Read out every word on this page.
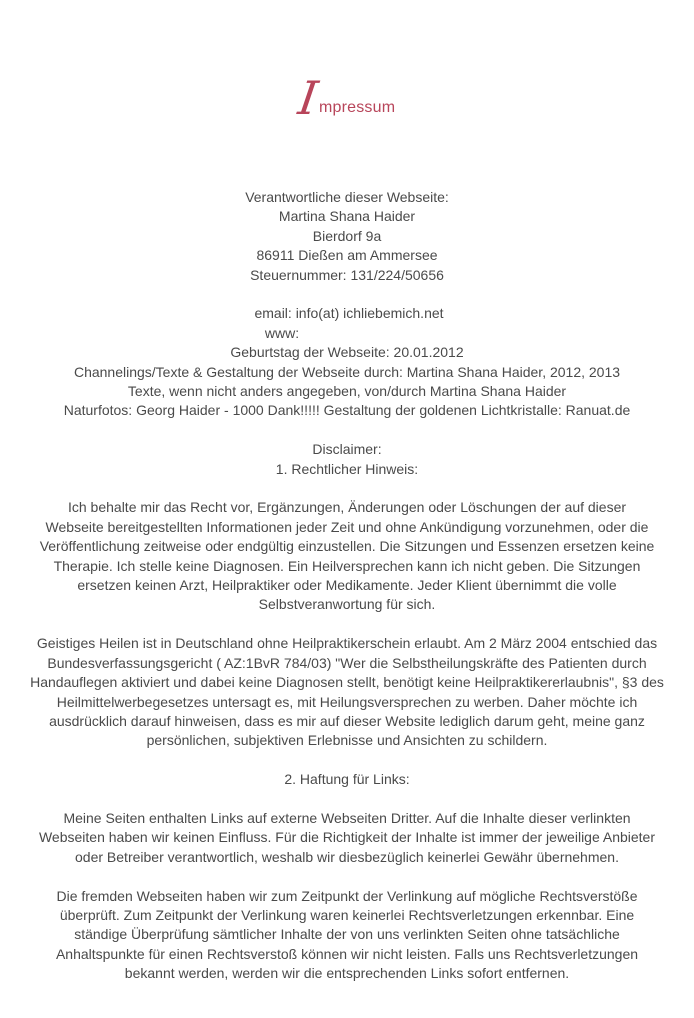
Impressum

Verantwortliche dieser Webseite:

Martina Shana Haider

Bierdorf 9a

86911 Dießen am Ammersee

Steuernummer: 131/224/50656

email: info(at) ichliebemich.net

www:

Geburtstag der Webseite: 20.01.2012

Channelings/Texte & Gestaltung der Webseite durch: Martina Shana Haider, 2012, 2013

Texte, wenn nicht anders angegeben, von/durch Martina Shana Haider

Naturfotos: Georg Haider - 1000 Dank!!!!! Gestaltung der goldenen Lichtkristalle: Ranuat.de

Disclaimer:

1. Rechtlicher Hinweis:

Ich behalte mir das Recht vor, Ergänzungen, Änderungen oder Löschungen der auf dieser Webseite bereitgestellten Informationen jeder Zeit und ohne Ankündigung vorzunehmen, oder die Veröffentlichung zeitweise oder endgültig einzustellen. Die Sitzungen und Essenzen ersetzen keine Therapie. Ich stelle keine Diagnosen. Ein Heilversprechen kann ich nicht geben. Die Sitzungen ersetzen keinen Arzt, Heilpraktiker oder Medikamente. Jeder Klient übernimmt die volle Selbstveranwortung für sich.

Geistiges Heilen ist in Deutschland ohne Heilpraktikerschein erlaubt. Am 2 März 2004 entschied das Bundesverfassungsgericht ( AZ:1BvR 784/03) "Wer die Selbstheilungskräfte des Patienten durch Handauflegen aktiviert und dabei keine Diagnosen stellt, benötigt keine Heilpraktikererlaubnis", §3 des Heilmittelwerbegesetzes untersagt es, mit Heilungsversprechen zu werben. Daher möchte ich ausdrücklich darauf hinweisen, dass es mir auf dieser Website lediglich darum geht, meine ganz persönlichen, subjektiven Erlebnisse und Ansichten zu schildern.

2. Haftung für Links:

Meine Seiten enthalten Links auf externe Webseiten Dritter. Auf die Inhalte dieser verlinkten Webseiten haben wir keinen Einfluss. Für die Richtigkeit der Inhalte ist immer der jeweilige Anbieter oder Betreiber verantwortlich, weshalb wir diesbezüglich keinerlei Gewähr übernehmen.

Die fremden Webseiten haben wir zum Zeitpunkt der Verlinkung auf mögliche Rechtsverstöße überprüft. Zum Zeitpunkt der Verlinkung waren keinerlei Rechtsverletzungen erkennbar. Eine ständige Überprüfung sämtlicher Inhalte der von uns verlinkten Seiten ohne tatsächliche Anhaltspunkte für einen Rechtsverstoß können wir nicht leisten. Falls uns Rechtsverletzungen bekannt werden, werden wir die entsprechenden Links sofort entfernen.
